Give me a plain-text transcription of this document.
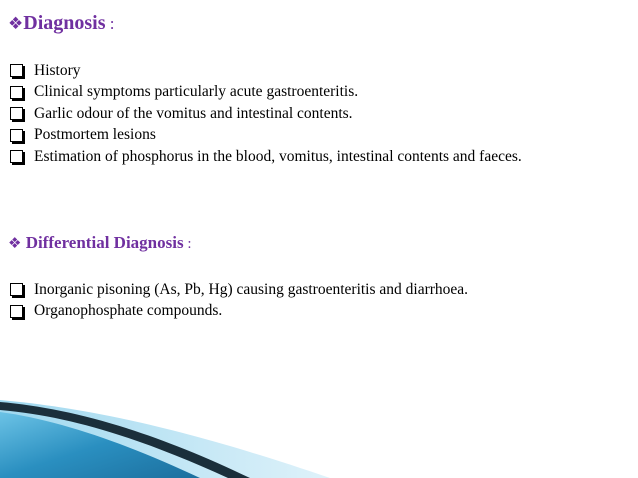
❖Diagnosis :
History
Clinical symptoms particularly acute gastroenteritis.
Garlic odour of the vomitus and intestinal contents.
Postmortem lesions
Estimation of phosphorus in the blood, vomitus, intestinal contents and faeces.
❖ Differential Diagnosis :
Inorganic pisoning (As, Pb, Hg) causing gastroenteritis and diarrhoea.
Organophosphate compounds.
